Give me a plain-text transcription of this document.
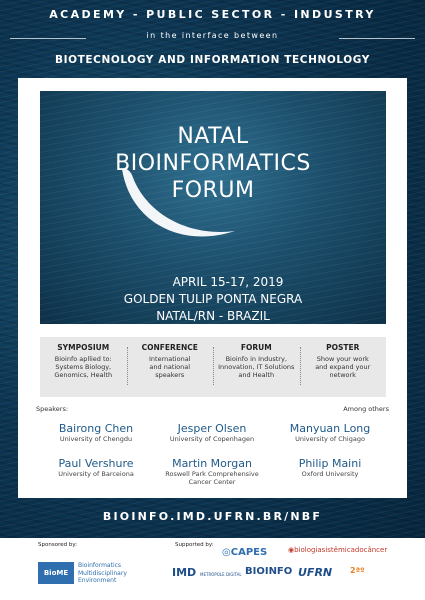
ACADEMY - PUBLIC SECTOR - INDUSTRY
in the interface between
BIOTECNOLOGY AND INFORMATION TECHNOLOGY
NATAL
BIOINFORMATICS
FORUM
APRIL 15-17, 2019
GOLDEN TULIP PONTA NEGRA
NATAL/RN - BRAZIL
SYMPOSIUM
Bioinfo apllied to:
Systems Biology,
Genomics, Health
CONFERENCE
International
and national
speakers
FORUM
Bioinfo in Industry,
Innovation, IT Solutions
and Health
POSTER
Show your work
and expand your
network
Speakers:	Among others
Bairong Chen
University of Chengdu
Jesper Olsen
University of Copenhagen
Manyuan Long
University of Chigago
Paul Vershure
University of Barceiona
Martin Morgan
Roswell Park Comprehensive
Cancer Center
Philip Maini
Oxford University
BIOINFO.IMD.UFRN.BR/NBF
Sponsored by:	Supported by:
BioME
Bioinformatics
Multidisciplinary
Environment
◎CAPES	◉biologiasistêmicadocâncer
IMD METRÓPOLE DIGITAL BIOINFO UFRN 2ªº
